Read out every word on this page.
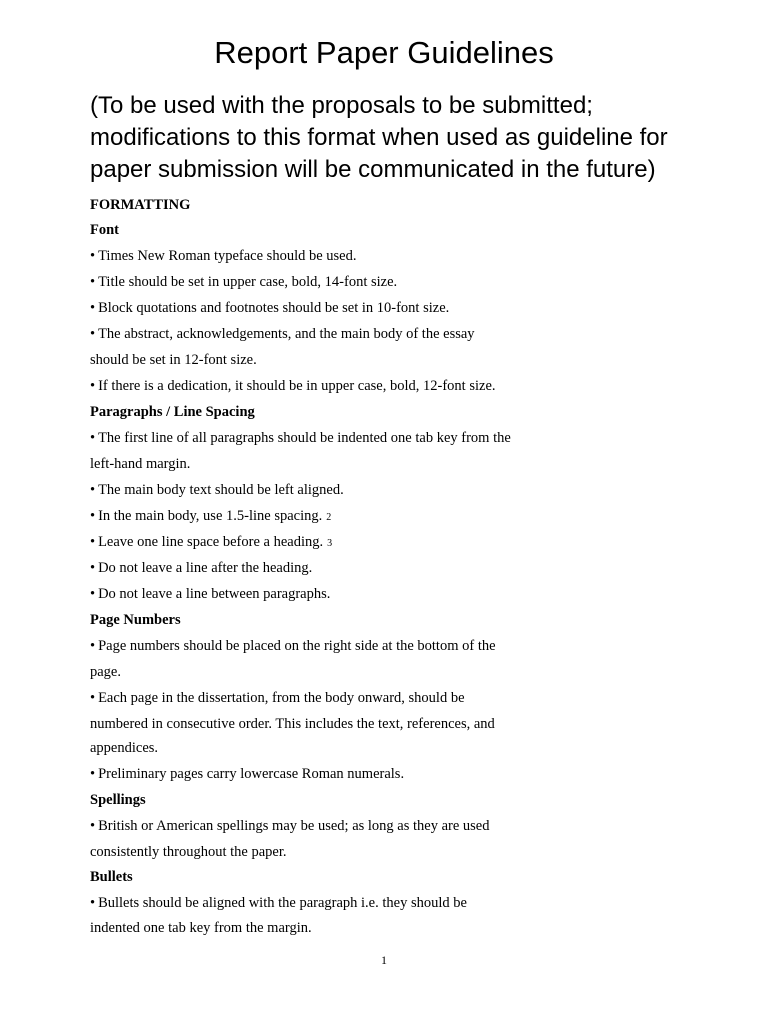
Report Paper Guidelines
(To be used with the proposals to be submitted; modifications to this format when used as guideline for paper submission will be communicated in the future)
FORMATTING
Font
• Times New Roman typeface should be used.
• Title should be set in upper case, bold, 14-font size.
• Block quotations and footnotes should be set in 10-font size.
• The abstract, acknowledgements, and the main body of the essay
should be set in 12-font size.
• If there is a dedication, it should be in upper case, bold, 12-font size.
Paragraphs / Line Spacing
• The first line of all paragraphs should be indented one tab key from the
left-hand margin.
• The main body text should be left aligned.
• In the main body, use 1.5-line spacing. 2
• Leave one line space before a heading. 3
• Do not leave a line after the heading.
• Do not leave a line between paragraphs.
Page Numbers
• Page numbers should be placed on the right side at the bottom of the
page.
• Each page in the dissertation, from the body onward, should be
numbered in consecutive order. This includes the text, references, and
appendices.
• Preliminary pages carry lowercase Roman numerals.
Spellings
• British or American spellings may be used; as long as they are used
consistently throughout the paper.
Bullets
• Bullets should be aligned with the paragraph i.e. they should be
indented one tab key from the margin.
1
